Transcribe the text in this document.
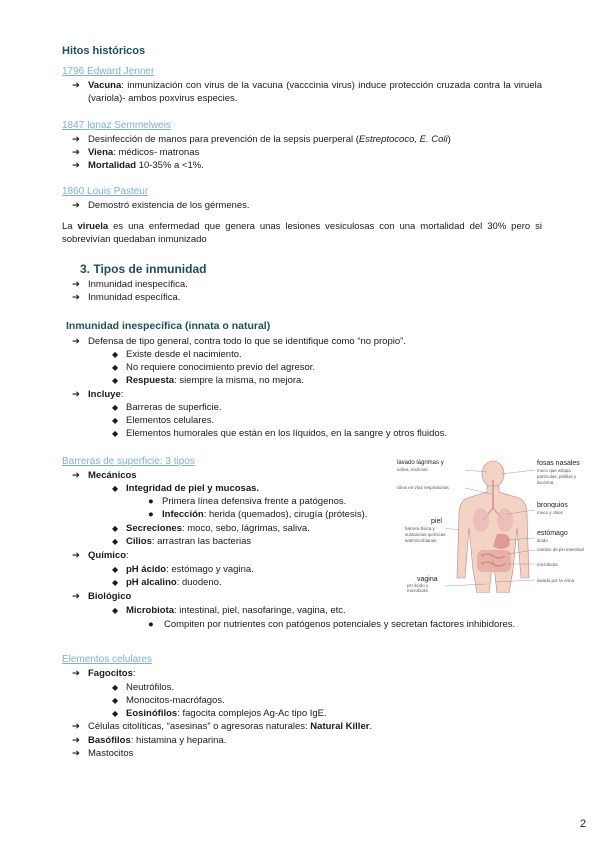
Hitos históricos
1796 Edward Jenner
➔ Vacuna: inmunización con virus de la vacuna (vacccinia virus) induce protección cruzada contra la viruela (variola)- ambos poxvirus especies.
1847 Ignaz Semmelweis
➔ Desinfección de manos para prevención de la sepsis puerperal (Estreptococo, E. Coli)
➔ Viena: médicos- matronas
➔ Mortalidad 10-35% a <1%.
1860 Louis Pasteur
➔ Demostró existencia de los gérmenes.
La viruela es una enfermedad que genera unas lesiones vesiculosas con una mortalidad del 30% pero si sobrevivían quedaban inmunizado
3. Tipos de inmunidad
➔ Inmunidad inespecífica.
➔ Inmunidad específica.
Inmunidad inespecífica (innata o natural)
➔ Defensa de tipo general, contra todo lo que se identifique como “no propio”.
◆ Existe desde el nacimiento.
◆ No requiere conocimiento previo del agresor.
◆ Respuesta: siempre la misma, no mejora.
➔ Incluye:
◆ Barreras de superficie.
◆ Elementos celulares.
◆ Elementos humorales que están en los líquidos, en la sangre y otros fluidos.
Barreras de superficie: 3 tipos
➔ Mecánicos
◆ Integridad de piel y mucosas.
● Primera línea defensiva frente a patógenos.
● Infección: herida (quemados), cirugía (prótesis).
◆ Secreciones: moco, sebo, lágrimas, saliva.
◆ Cilios: arrastran las bacterias
➔ Químico:
◆ pH ácido: estómago y vagina.
◆ pH alcalino: duodeno.
➔ Biológico
◆ Microbiota: intestinal, piel, nasofaringe, vagina, etc.
● Compiten por nutrientes con patógenos potenciales y secretan factores inhibidores.
Elementos celulares
➔ Fagocitos:
◆ Neutrófilos.
◆ Monocitos-macrófagos.
◆ Eosinófilos: fagocita complejos Ag-Ac tipo IgE.
➔ Células citolíticas, “asesinas” o agresoras naturales: Natural Killer.
➔ Basófilos: histamina y heparina.
➔ Mastocitos
lavado lágrimas y
saliva, enzimas
cilios en vías respiratorias
piel
barrera física y
sustancias químicas
antimicrobianas
vagina
pH ácido y
microbiota
fosas nasales
moco que atrapa
partículas, pelillos y
lisozima
bronquios
moco y cilios
estómago
ácido
cambio de pH intestinal
microbiota
lavado por la orina
2
